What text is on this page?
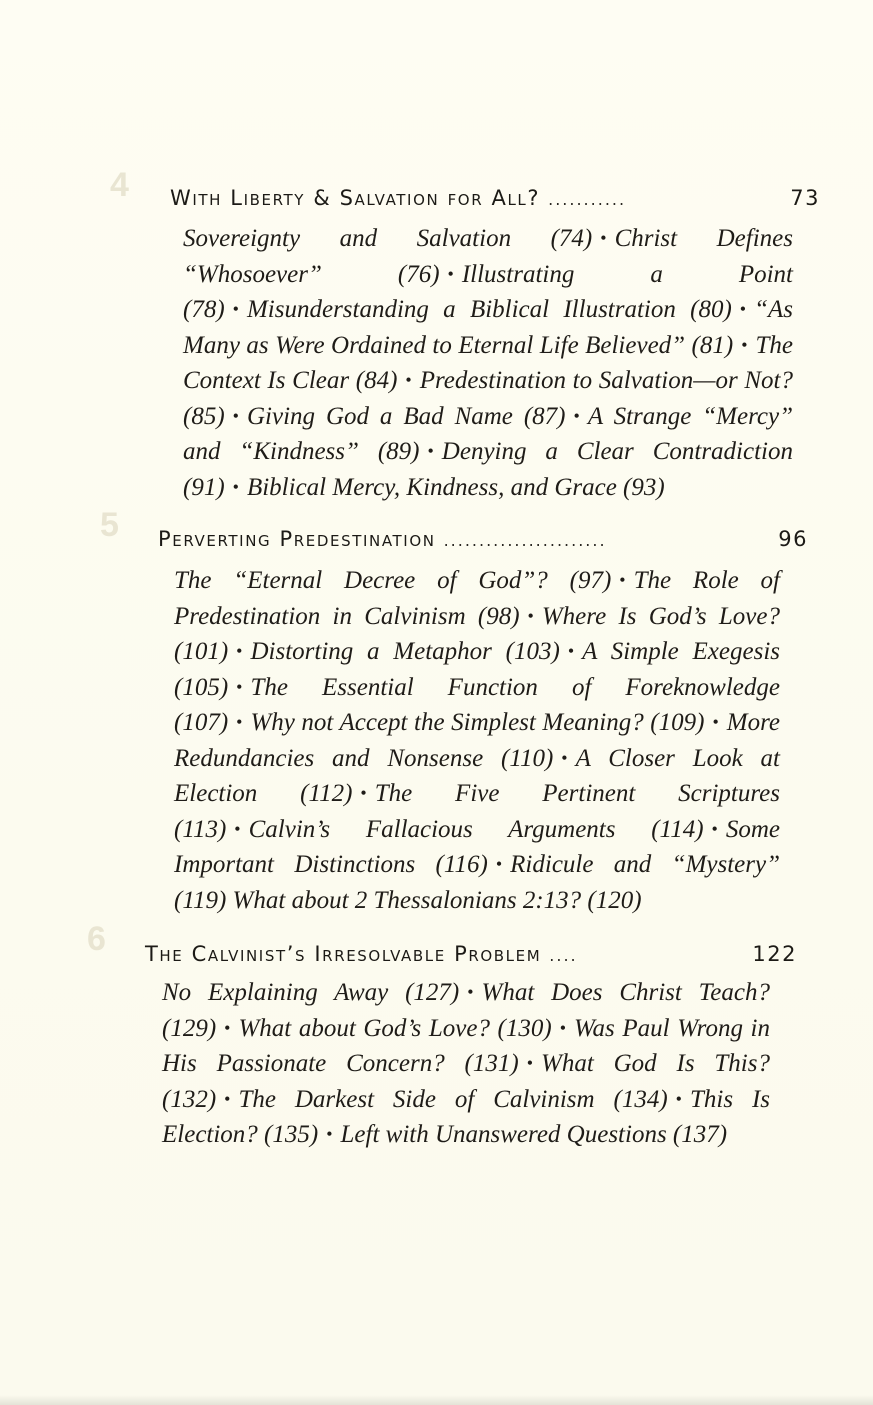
4 With Liberty & Salvation for All? ...........	73

Sovereignty and Salvation (74) • Christ Defines “Whosoever” (76) • Illustrating a Point (78) • Misunderstanding a Biblical Illustration (80) • “As Many as Were Ordained to Eternal Life Believed” (81) • The Context Is Clear (84) • Predestination to Salvation—or Not? (85) • Giving God a Bad Name (87) • A Strange “Mercy” and “Kindness” (89) • Denying a Clear Contradiction (91) • Biblical Mercy, Kindness, and Grace (93)

5 Perverting Predestination .......................	96

The “Eternal Decree of God”? (97) • The Role of Predestination in Calvinism (98) • Where Is God’s Love? (101) • Distorting a Metaphor (103) • A Simple Exegesis (105) • The Essential Function of Foreknowledge (107) • Why not Accept the Simplest Meaning? (109) • More Redundancies and Nonsense (110) • A Closer Look at Election (112) • The Five Pertinent Scriptures (113) • Calvin’s Fallacious Arguments (114) • Some Important Distinctions (116) • Ridicule and “Mystery” (119) What about 2 Thessalonians 2:13? (120)

6 The Calvinist’s Irresolvable Problem ....	122

No Explaining Away (127) • What Does Christ Teach? (129) • What about God’s Love? (130) • Was Paul Wrong in His Passionate Concern? (131) • What God Is This? (132) • The Darkest Side of Calvinism (134) • This Is Election? (135) • Left with Unanswered Questions (137)
